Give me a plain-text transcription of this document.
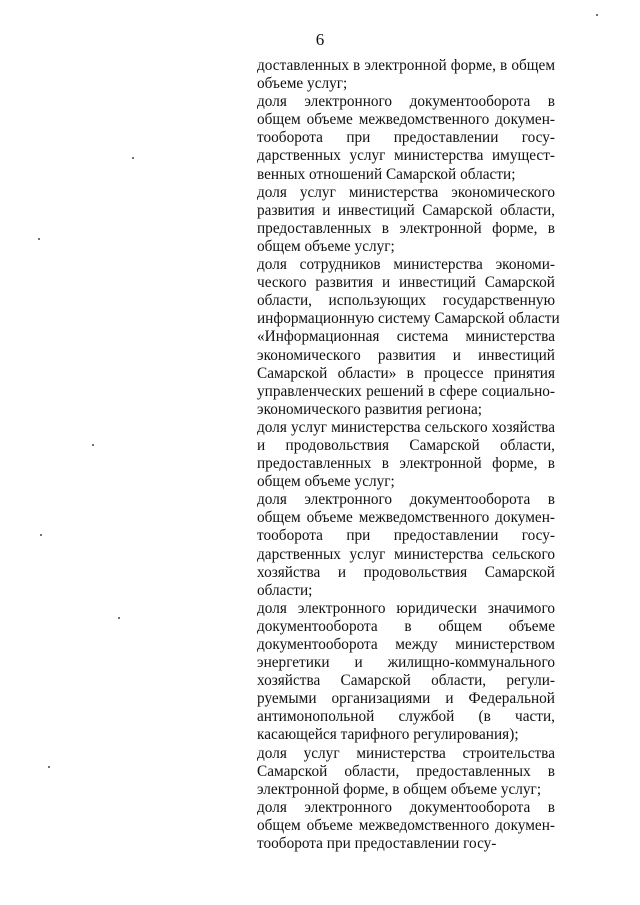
6

доставленных в электронной форме, в общем
объеме услуг;

доля электронного документооборота в
общем объеме межведомственного докумен-
тооборота при предоставлении госу-
дарственных услуг министерства имущест-
венных отношений Самарской области;

доля услуг министерства экономического
развития и инвестиций Самарской области,
предоставленных в электронной форме, в
общем объеме услуг;

доля сотрудников министерства экономи-
ческого развития и инвестиций Самарской
области, использующих государственную
информационную систему Самарской области
«Информационная система министерства
экономического развития и инвестиций
Самарской области» в процессе принятия
управленческих решений в сфере социально-
экономического развития региона;

доля услуг министерства сельского хозяйства
и продовольствия Самарской области,
предоставленных в электронной форме, в
общем объеме услуг;

доля электронного документооборота в
общем объеме межведомственного докумен-
тооборота при предоставлении госу-
дарственных услуг министерства сельского
хозяйства и продовольствия Самарской
области;

доля электронного юридически значимого
документооборота в общем объеме
документооборота между министерством
энергетики и жилищно-коммунального
хозяйства Самарской области, регули-
руемыми организациями и Федеральной
антимонопольной службой (в части,
касающейся тарифного регулирования);

доля услуг министерства строительства
Самарской области, предоставленных в
электронной форме, в общем объеме услуг;

доля электронного документооборота в
общем объеме межведомственного докумен-
тооборота при предоставлении госу-
